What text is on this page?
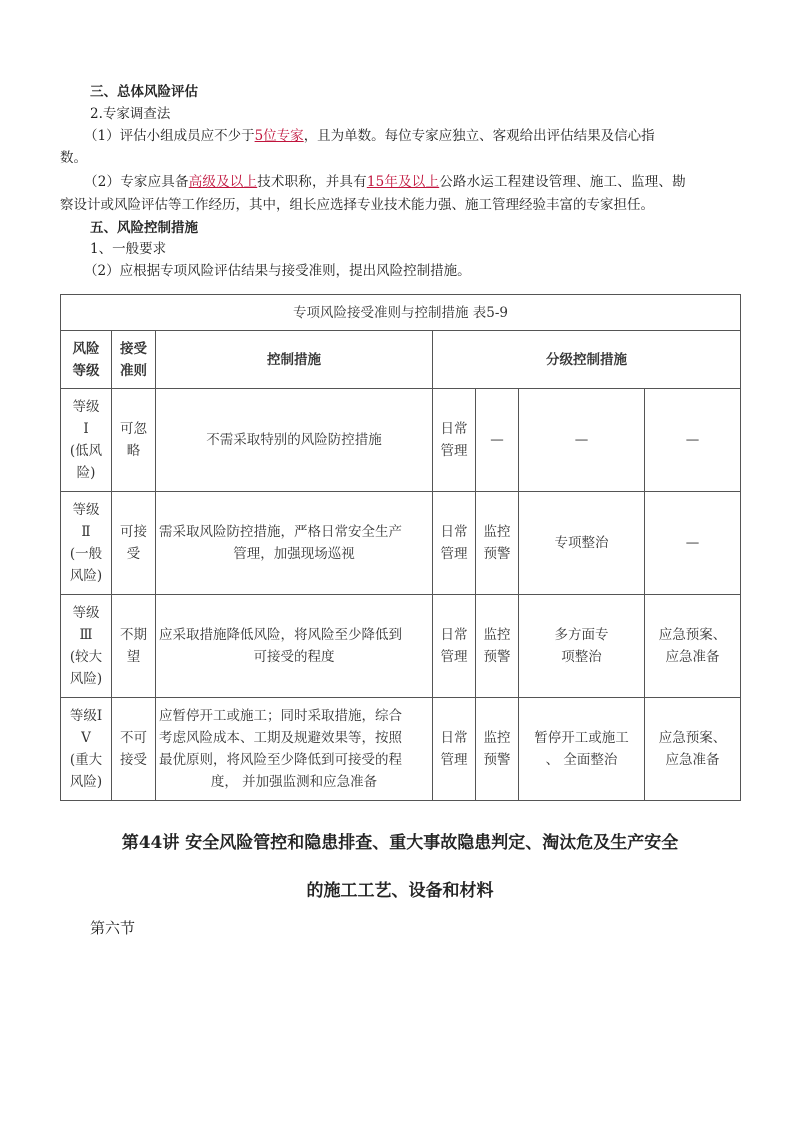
三、总体风险评估
2.专家调查法
（1）评估小组成员应不少于5位专家，且为单数。每位专家应独立、客观给出评估结果及信心指
数。
（2）专家应具备高级及以上技术职称，并具有15年及以上公路水运工程建设管理、施工、监理、勘
察设计或风险评估等工作经历，其中，组长应选择专业技术能力强、施工管理经验丰富的专家担任。
五、风险控制措施
1、一般要求
（2）应根据专项风险评估结果与接受准则，提出风险控制措施。
专项风险接受准则与控制措施 表5-9						

风险
等级	接受
准则	控制措施	分级控制措施			

等级
Ⅰ
(低风
险)	可忽
略	不需采取特别的风险防控措施	日常
管理	—	—	—

等级
Ⅱ
(一般
风险)	可接
受	需采取风险防控措施，严格日常安全生产
管理，加强现场巡视	日常
管理	监控
预警	专项整治	—

等级
Ⅲ
(较大
风险)	不期
望	应采取措施降低风险，将风险至少降低到
可接受的程度	日常
管理	监控
预警	多方面专
项整治	应急预案、
应急准备

等级I
V
(重大
风险)	不可
接受	应暂停开工或施工；同时采取措施，综合
考虑风险成本、工期及规避效果等，按照
最优原则，将风险至少降低到可接受的程
度， 并加强监测和应急准备	日常
管理	监控
预警	暂停开工或施工
、 全面整治	应急预案、
应急准备
第44讲 安全风险管控和隐患排查、重大事故隐患判定、淘汰危及生产安全
的施工工艺、设备和材料
第六节
